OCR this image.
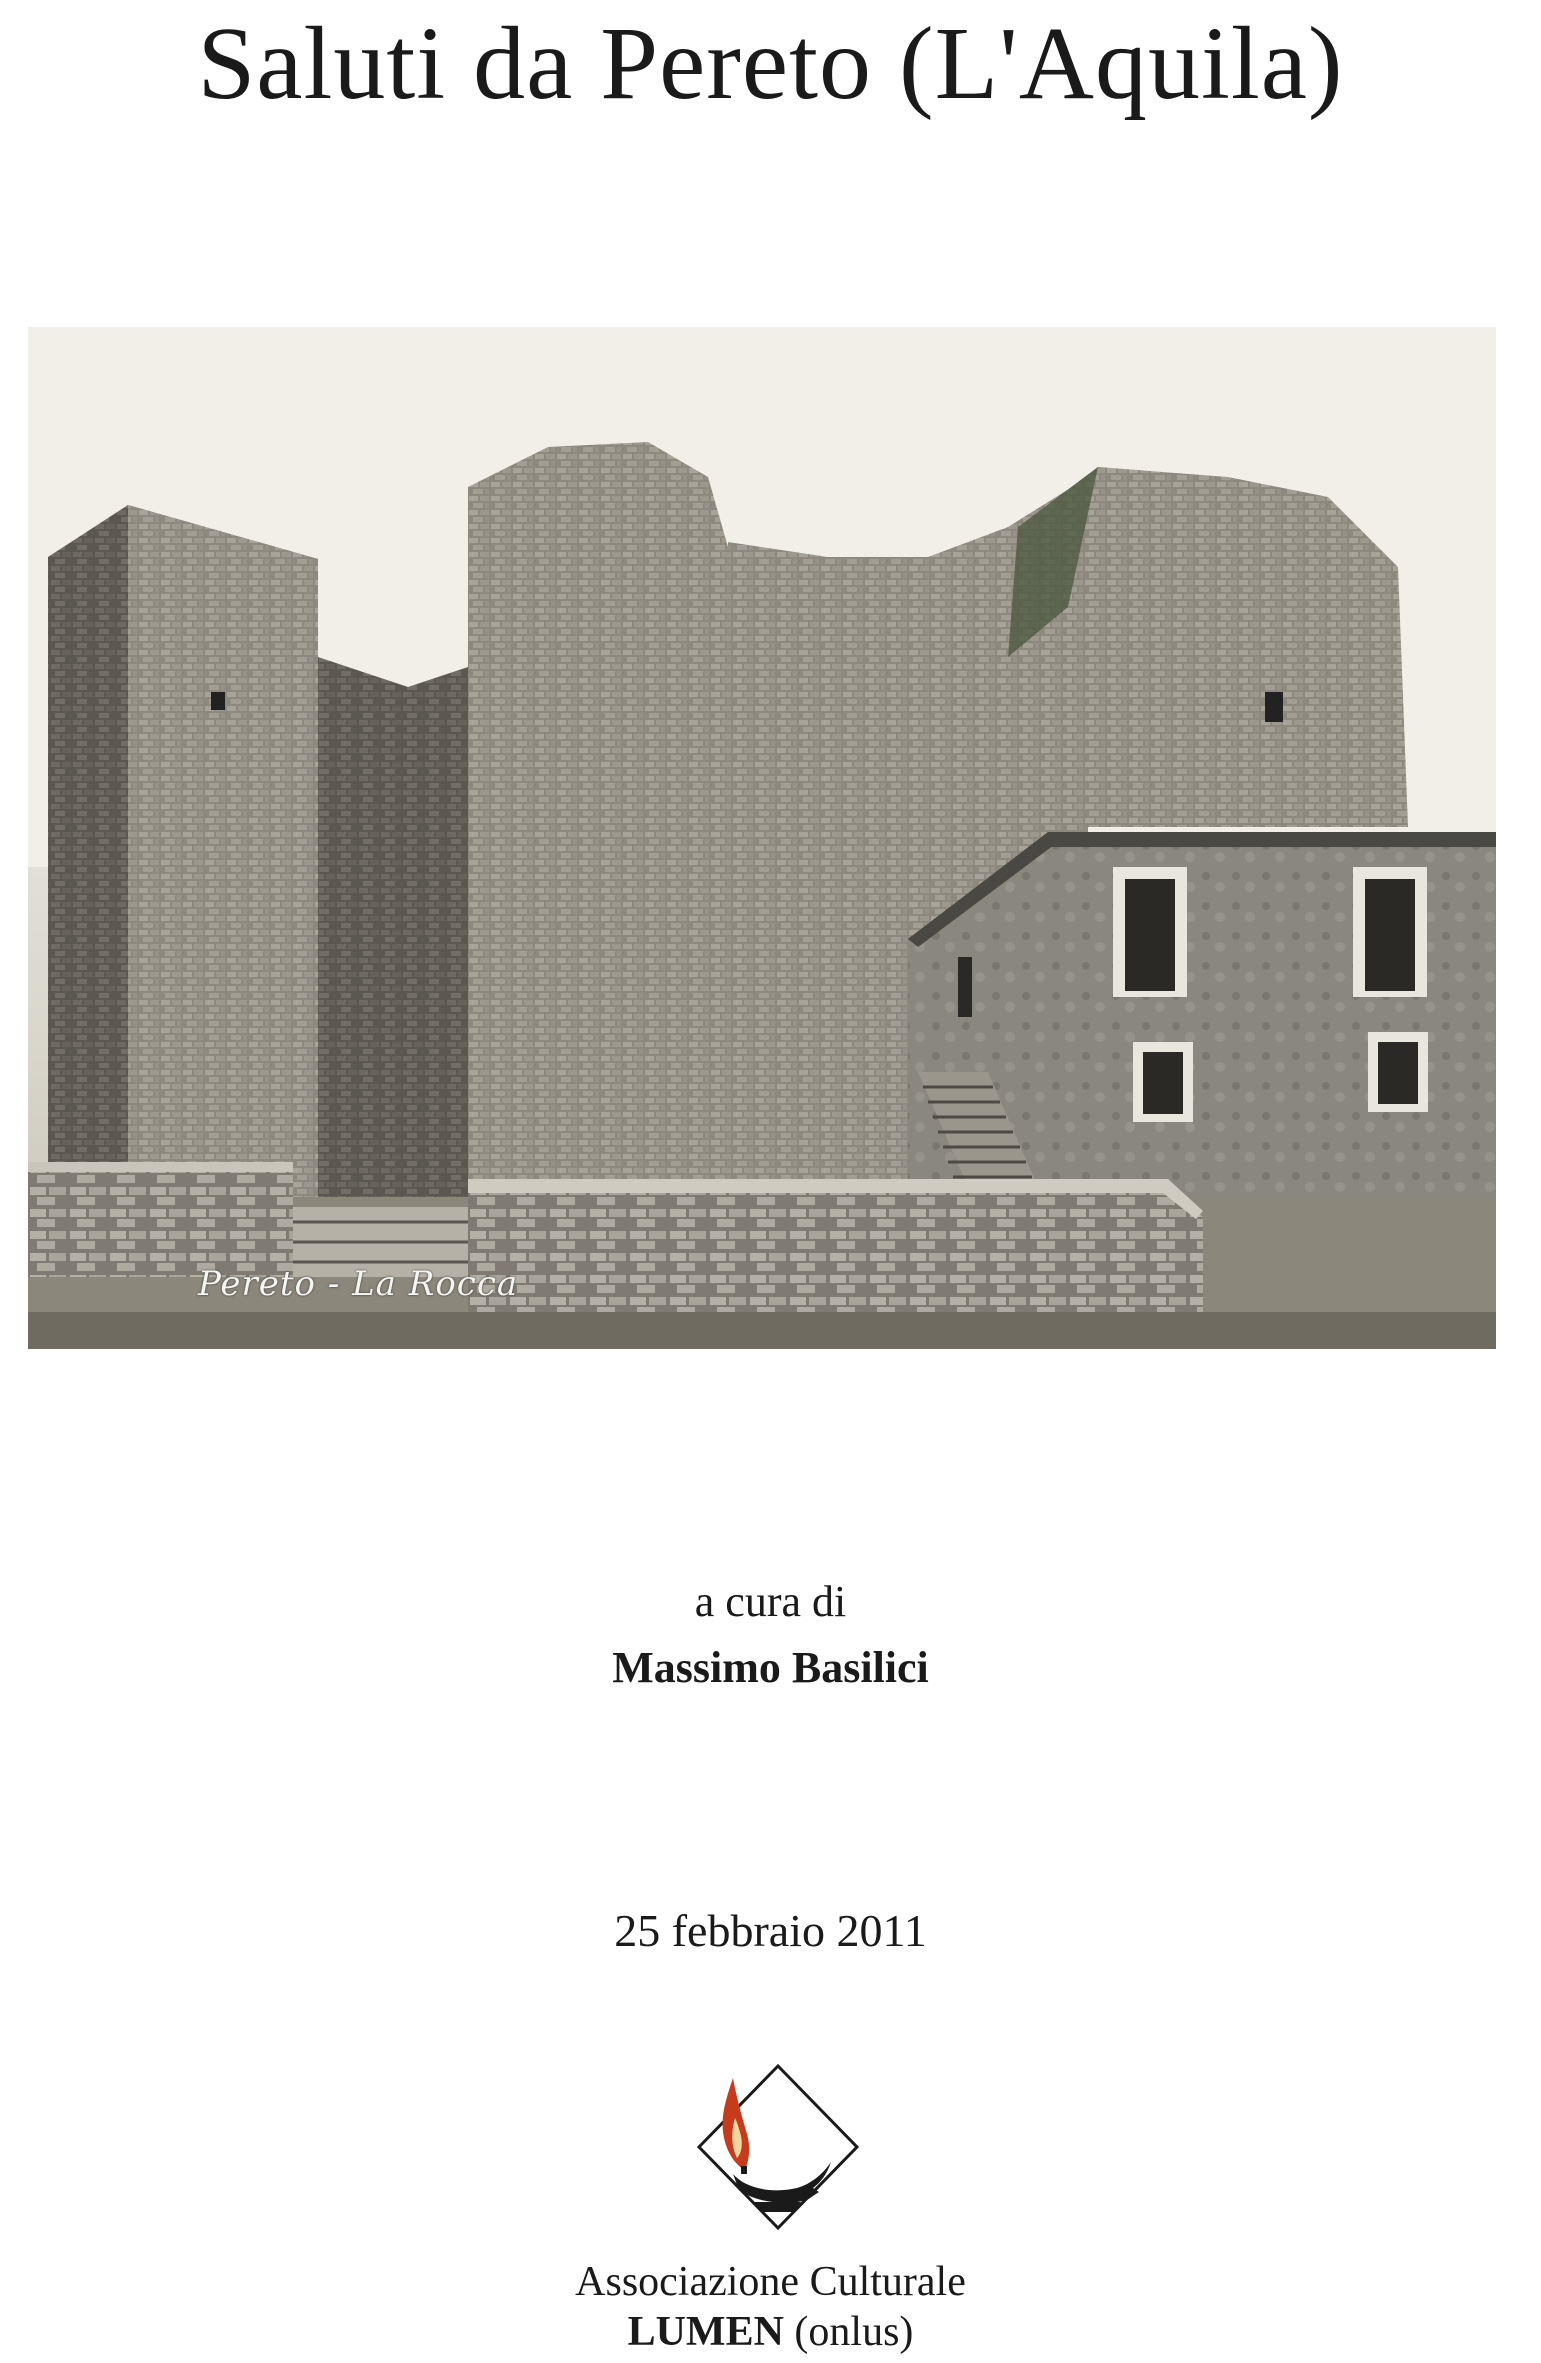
Saluti da Pereto (L'Aquila)
Pereto - La Rocca
a cura di
Massimo Basilici
25 febbraio 2011
Associazione Culturale
LUMEN (onlus)
